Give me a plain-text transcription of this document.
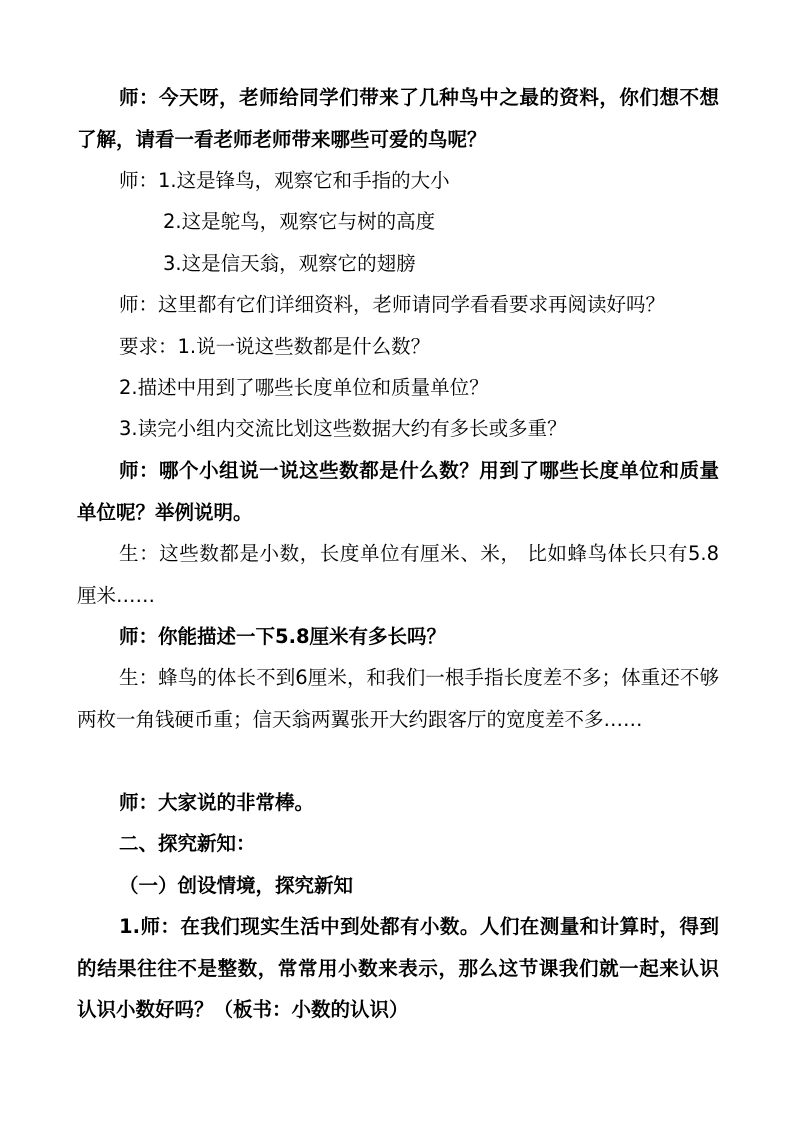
师：今天呀，老师给同学们带来了几种鸟中之最的资料，你们想不想了解，请看一看老师老师带来哪些可爱的鸟呢？

师：1.这是锋鸟，观察它和手指的大小

2.这是鸵鸟，观察它与树的高度

3.这是信天翁，观察它的翅膀

师：这里都有它们详细资料，老师请同学看看要求再阅读好吗？

要求：1.说一说这些数都是什么数？

2.描述中用到了哪些长度单位和质量单位？

3.读完小组内交流比划这些数据大约有多长或多重？

师：哪个小组说一说这些数都是什么数？用到了哪些长度单位和质量单位呢？举例说明。

生：这些数都是小数，长度单位有厘米、米， 比如蜂鸟体长只有5.8厘米……

师：你能描述一下5.8厘米有多长吗？

生：蜂鸟的体长不到6厘米，和我们一根手指长度差不多；体重还不够两枚一角钱硬币重；信天翁两翼张开大约跟客厅的宽度差不多……

师：大家说的非常棒。

二、探究新知：

（一）创设情境，探究新知

1.师：在我们现实生活中到处都有小数。人们在测量和计算时，得到的结果往往不是整数，常常用小数来表示，那么这节课我们就一起来认识认识小数好吗？（板书：小数的认识）
